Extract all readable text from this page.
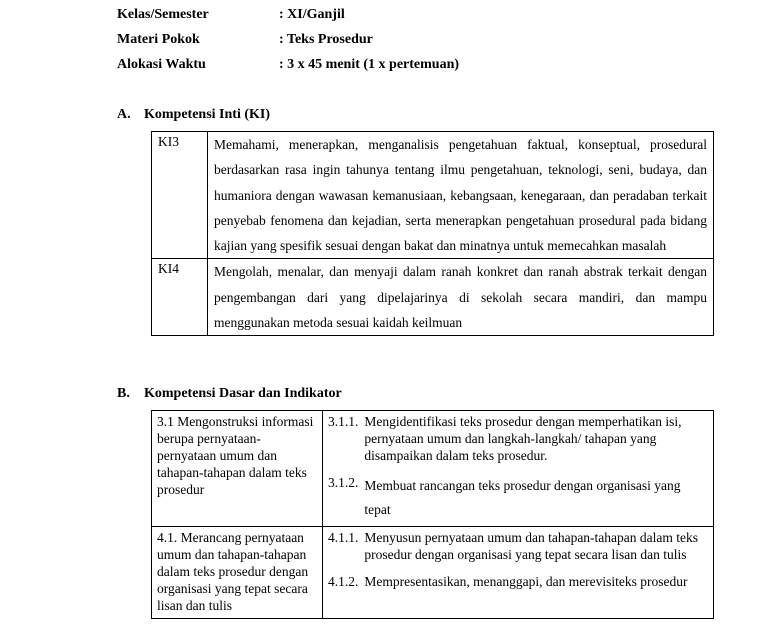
Kelas/Semester	: XI/Ganjil
Materi Pokok	: Teks Prosedur
Alokasi Waktu	: 3 x 45 menit (1 x pertemuan)
A. Kompetensi Inti (KI)
KI3	Memahami, menerapkan, menganalisis pengetahuan faktual, konseptual, prosedural berdasarkan rasa ingin tahunya tentang ilmu pengetahuan, teknologi, seni, budaya, dan humaniora dengan wawasan kemanusiaan, kebangsaan, kenegaraan, dan peradaban terkait penyebab fenomena dan kejadian, serta menerapkan pengetahuan prosedural pada bidang kajian yang spesifik sesuai dengan bakat dan minatnya untuk memecahkan masalah
KI4	Mengolah, menalar, dan menyaji dalam ranah konkret dan ranah abstrak terkait dengan pengembangan dari yang dipelajarinya di sekolah secara mandiri, dan mampu menggunakan metoda sesuai kaidah keilmuan
B. Kompetensi Dasar dan Indikator
3.1 Mengonstruksi informasi berupa pernyataan-pernyataan umum dan tahapan-tahapan dalam teks prosedur	3.1.1. Mengidentifikasi teks prosedur dengan memperhatikan isi, pernyataan umum dan langkah-langkah/ tahapan yang disampaikan dalam teks prosedur.
3.1.2. Membuat rancangan teks prosedur dengan organisasi yang tepat

4.1. Merancang pernyataan umum dan tahapan-tahapan dalam teks prosedur dengan organisasi yang tepat secara lisan dan tulis	4.1.1. Menyusun pernyataan umum dan tahapan-tahapan dalam teks prosedur dengan organisasi yang tepat secara lisan dan tulis
4.1.2. Mempresentasikan, menanggapi, dan merevisiteks prosedur
